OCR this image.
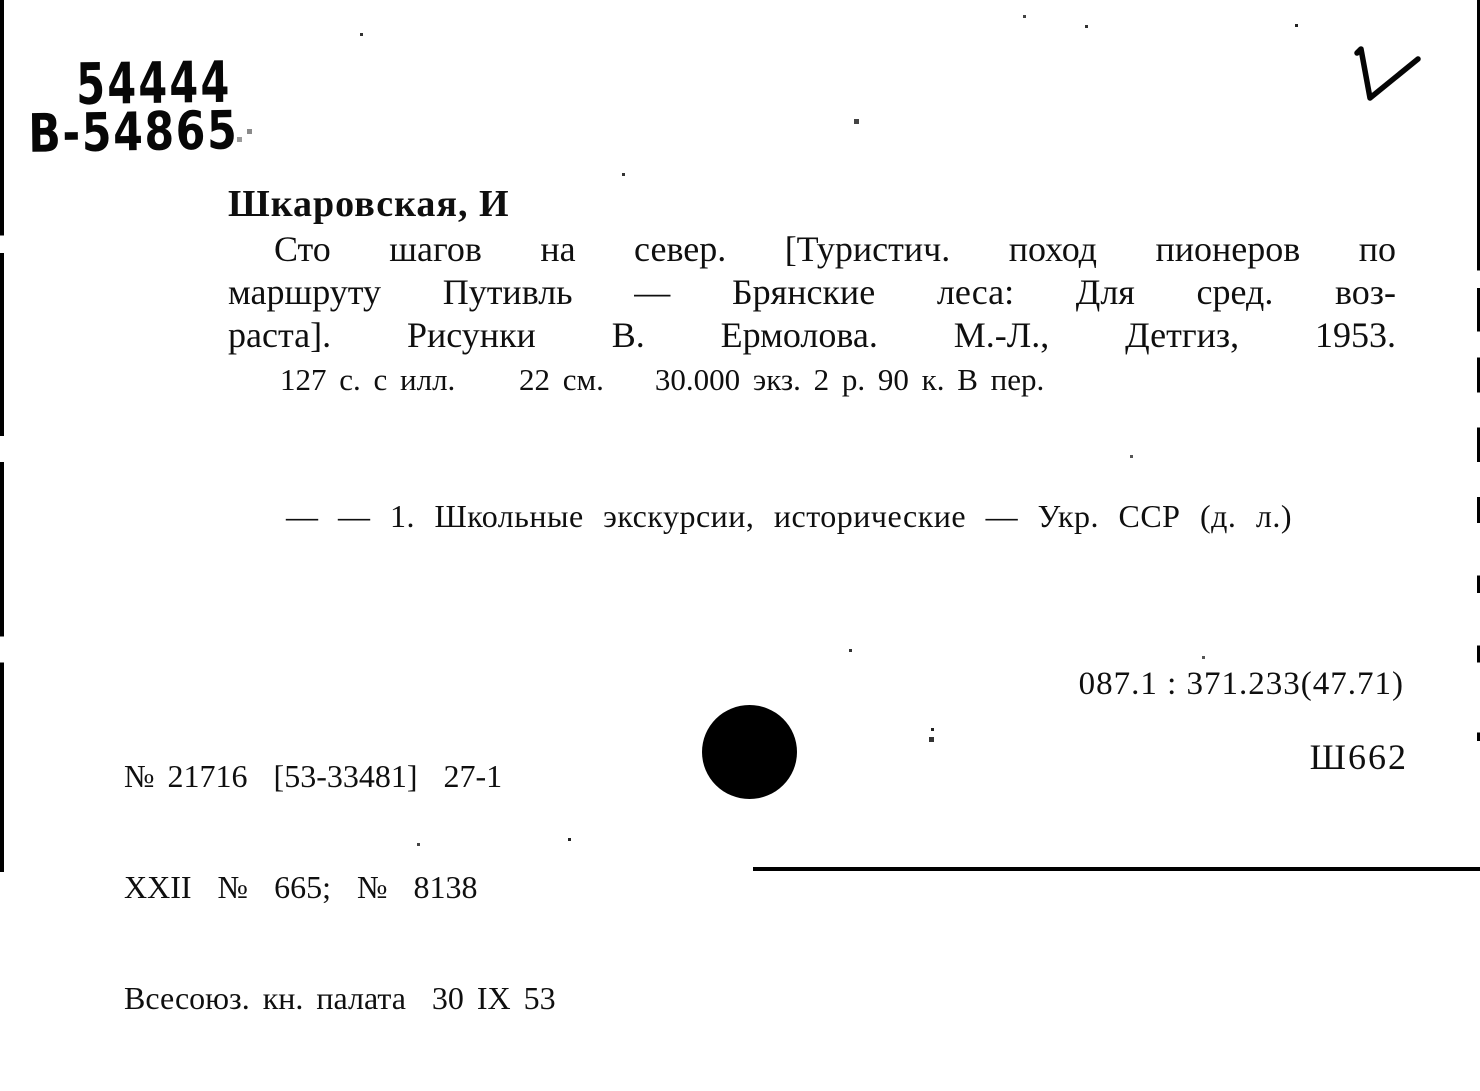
54444
В-54865
Шкаровская, И
Сто шагов на север. [Туристич. поход пионеров по
маршруту Путивль — Брянские леса: Для сред. воз-
раста]. Рисунки В. Ермолова. М.-Л., Детгиз, 1953.
127 с. с илл.     22 см.    30.000 экз. 2 р. 90 к. В пер.
— — 1. Школьные экскурсии, исторические — Укр. ССР (д. л.)

№ 21716  [53-33481]  27-1

XXII  №  665;  №  8138

Всесоюз. кн. палата  30 IX 53

087.1 : 371.233(47.71)
Ш662
